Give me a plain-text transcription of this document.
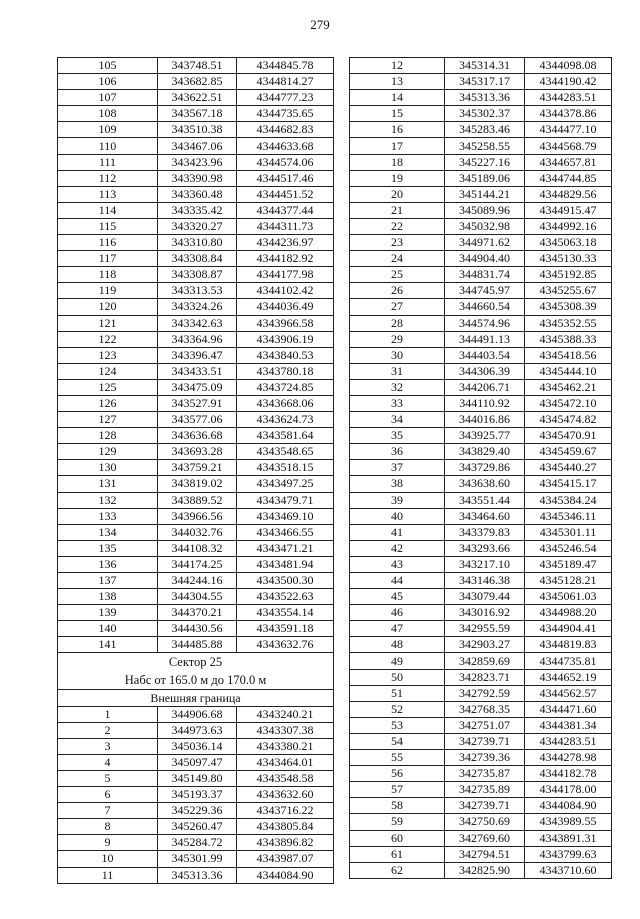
279
105	343748.51	4344845.78
106	343682.85	4344814.27
107	343622.51	4344777.23
108	343567.18	4344735.65
109	343510.38	4344682.83
110	343467.06	4344633.68
111	343423.96	4344574.06
112	343390.98	4344517.46
113	343360.48	4344451.52
114	343335.42	4344377.44
115	343320.27	4344311.73
116	343310.80	4344236.97
117	343308.84	4344182.92
118	343308.87	4344177.98
119	343313.53	4344102.42
120	343324.26	4344036.49
121	343342.63	4343966.58
122	343364.96	4343906.19
123	343396.47	4343840.53
124	343433.51	4343780.18
125	343475.09	4343724.85
126	343527.91	4343668.06
127	343577.06	4343624.73
128	343636.68	4343581.64
129	343693.28	4343548.65
130	343759.21	4343518.15
131	343819.02	4343497.25
132	343889.52	4343479.71
133	343966.56	4343469.10
134	344032.76	4343466.55
135	344108.32	4343471.21
136	344174.25	4343481.94
137	344244.16	4343500.30
138	344304.55	4343522.63
139	344370.21	4343554.14
140	344430.56	4343591.18
141	344485.88	4343632.76

Сектор 25
Набс от 165.0 м до 170.0 м		

Внешняя граница		
1	344906.68	4343240.21
2	344973.63	4343307.38
3	345036.14	4343380.21
4	345097.47	4343464.01
5	345149.80	4343548.58
6	345193.37	4343632.60
7	345229.36	4343716.22
8	345260.47	4343805.84
9	345284.72	4343896.82
10	345301.99	4343987.07
11	345313.36	4344084.90
12	345314.31	4344098.08
13	345317.17	4344190.42
14	345313.36	4344283.51
15	345302.37	4344378.86
16	345283.46	4344477.10
17	345258.55	4344568.79
18	345227.16	4344657.81
19	345189.06	4344744.85
20	345144.21	4344829.56
21	345089.96	4344915.47
22	345032.98	4344992.16
23	344971.62	4345063.18
24	344904.40	4345130.33
25	344831.74	4345192.85
26	344745.97	4345255.67
27	344660.54	4345308.39
28	344574.96	4345352.55
29	344491.13	4345388.33
30	344403.54	4345418.56
31	344306.39	4345444.10
32	344206.71	4345462.21
33	344110.92	4345472.10
34	344016.86	4345474.82
35	343925.77	4345470.91
36	343829.40	4345459.67
37	343729.86	4345440.27
38	343638.60	4345415.17
39	343551.44	4345384.24
40	343464.60	4345346.11
41	343379.83	4345301.11
42	343293.66	4345246.54
43	343217.10	4345189.47
44	343146.38	4345128.21
45	343079.44	4345061.03
46	343016.92	4344988.20
47	342955.59	4344904.41
48	342903.27	4344819.83
49	342859.69	4344735.81
50	342823.71	4344652.19
51	342792.59	4344562.57
52	342768.35	4344471.60
53	342751.07	4344381.34
54	342739.71	4344283.51
55	342739.36	4344278.98
56	342735.87	4344182.78
57	342735.89	4344178.00
58	342739.71	4344084.90
59	342750.69	4343989.55
60	342769.60	4343891.31
61	342794.51	4343799.63
62	342825.90	4343710.60
